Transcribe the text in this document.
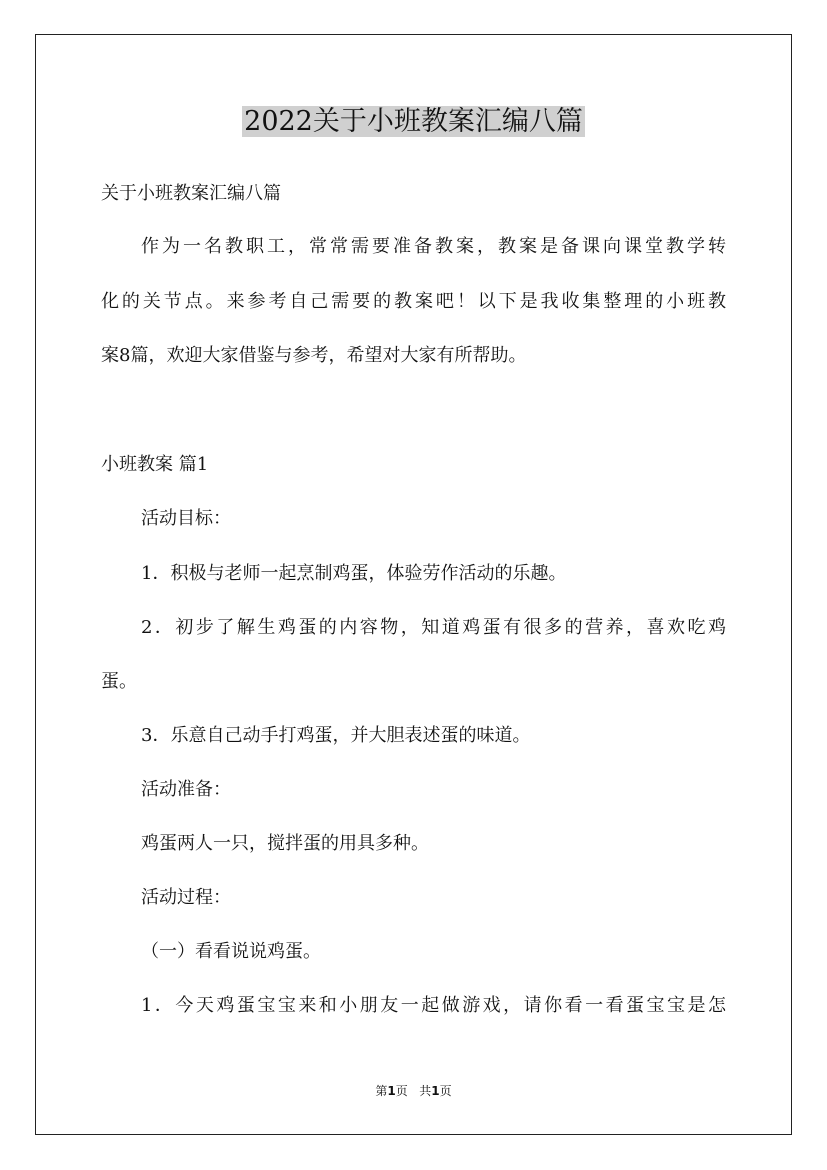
2022关于小班教案汇编八篇
关于小班教案汇编八篇
作为一名教职工，常常需要准备教案，教案是备课向课堂教学转
化的关节点。来参考自己需要的教案吧！以下是我收集整理的小班教
案8篇，欢迎大家借鉴与参考，希望对大家有所帮助。
小班教案 篇1
活动目标：
1．积极与老师一起烹制鸡蛋，体验劳作活动的乐趣。
2．初步了解生鸡蛋的内容物，知道鸡蛋有很多的营养，喜欢吃鸡
蛋。
3．乐意自己动手打鸡蛋，并大胆表述蛋的味道。
活动准备：
鸡蛋两人一只，搅拌蛋的用具多种。
活动过程：
（一）看看说说鸡蛋。
1．今天鸡蛋宝宝来和小朋友一起做游戏，请你看一看蛋宝宝是怎
第1页 共1页
